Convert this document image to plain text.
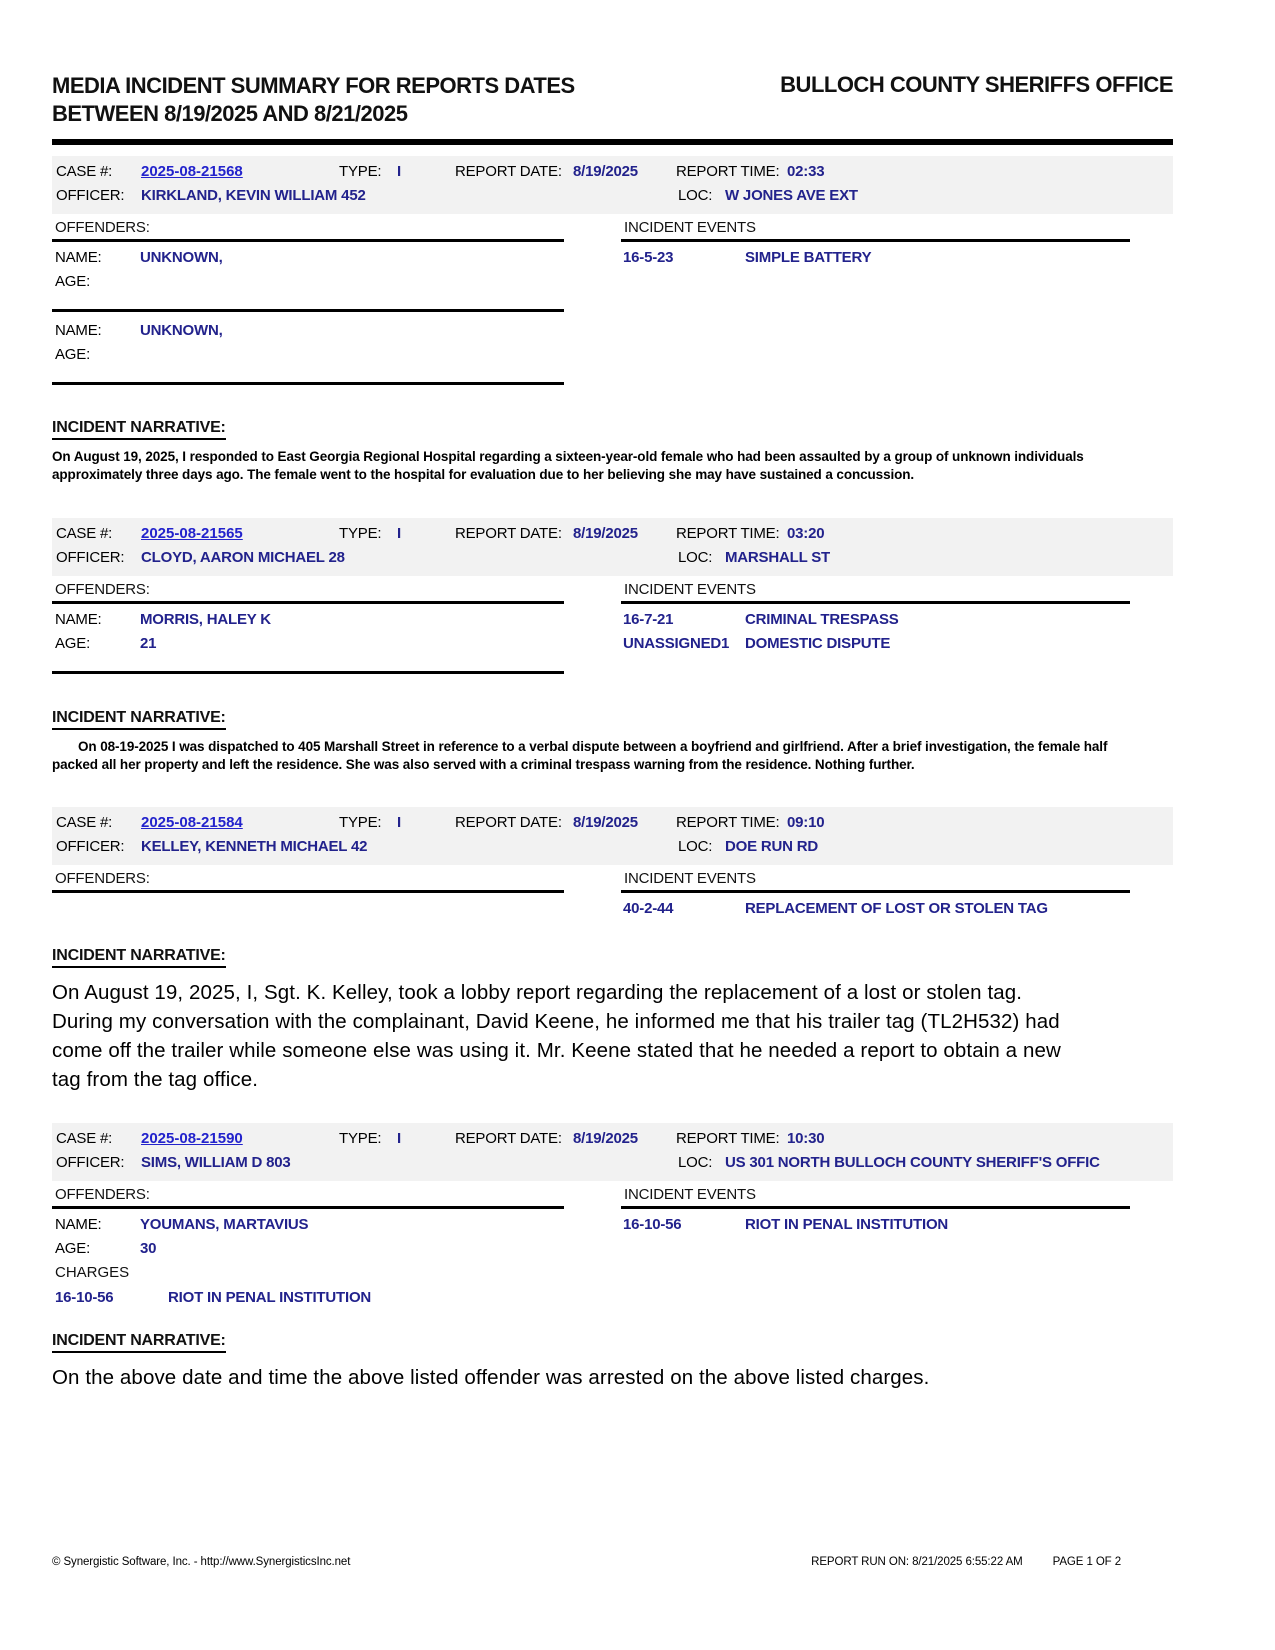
MEDIA INCIDENT SUMMARY FOR REPORTS DATES
BETWEEN 8/19/2025 AND 8/21/2025
BULLOCH COUNTY SHERIFFS OFFICE
CASE #:	2025-08-21568	TYPE:	I	REPORT DATE: 8/19/2025	REPORT TIME: 02:33
OFFICER:	KIRKLAND, KEVIN WILLIAM 452	LOC: W JONES AVE EXT
OFFENDERS:
NAME:	UNKNOWN,
AGE:
NAME:	UNKNOWN,
AGE:
INCIDENT EVENTS
16-5-23	SIMPLE BATTERY
INCIDENT NARRATIVE:

On August 19, 2025, I responded to East Georgia Regional Hospital regarding a sixteen-year-old female who had been assaulted by a group of unknown individuals approximately three days ago. The female went to the hospital for evaluation due to her believing she may have sustained a concussion.

CASE #:	2025-08-21565	TYPE:	I	REPORT DATE: 8/19/2025	REPORT TIME: 03:20
OFFICER:	CLOYD, AARON MICHAEL 28	LOC: MARSHALL ST
OFFENDERS:
NAME:	MORRIS, HALEY K
AGE:	21
INCIDENT EVENTS
16-7-21	CRIMINAL TRESPASS
UNASSIGNED1	DOMESTIC DISPUTE
INCIDENT NARRATIVE:

On 08-19-2025 I was dispatched to 405 Marshall Street in reference to a verbal dispute between a boyfriend and girlfriend. After a brief investigation, the female half packed all her property and left the residence. She was also served with a criminal trespass warning from the residence. Nothing further.

CASE #:	2025-08-21584	TYPE:	I	REPORT DATE: 8/19/2025	REPORT TIME: 09:10
OFFICER:	KELLEY, KENNETH MICHAEL 42	LOC: DOE RUN RD
OFFENDERS:	INCIDENT EVENTS
40-2-44	REPLACEMENT OF LOST OR STOLEN TAG
INCIDENT NARRATIVE:

On August 19, 2025, I, Sgt. K. Kelley, took a lobby report regarding the replacement of a lost or stolen tag. During my conversation with the complainant, David Keene, he informed me that his trailer tag (TL2H532) had come off the trailer while someone else was using it. Mr. Keene stated that he needed a report to obtain a new tag from the tag office.

CASE #:	2025-08-21590	TYPE:	I	REPORT DATE: 8/19/2025	REPORT TIME: 10:30
OFFICER:	SIMS, WILLIAM D 803	LOC: US 301 NORTH BULLOCH COUNTY SHERIFF'S OFFIC
OFFENDERS:
NAME:	YOUMANS, MARTAVIUS
AGE:	30
CHARGES
16-10-56	RIOT IN PENAL INSTITUTION
INCIDENT EVENTS
16-10-56	RIOT IN PENAL INSTITUTION
INCIDENT NARRATIVE:

On the above date and time the above listed offender was arrested on the above listed charges.

© Synergistic Software, Inc. - http://www.SynergisticsInc.net	REPORT RUN ON: 8/21/2025 6:55:22 AM	PAGE 1 OF 2
